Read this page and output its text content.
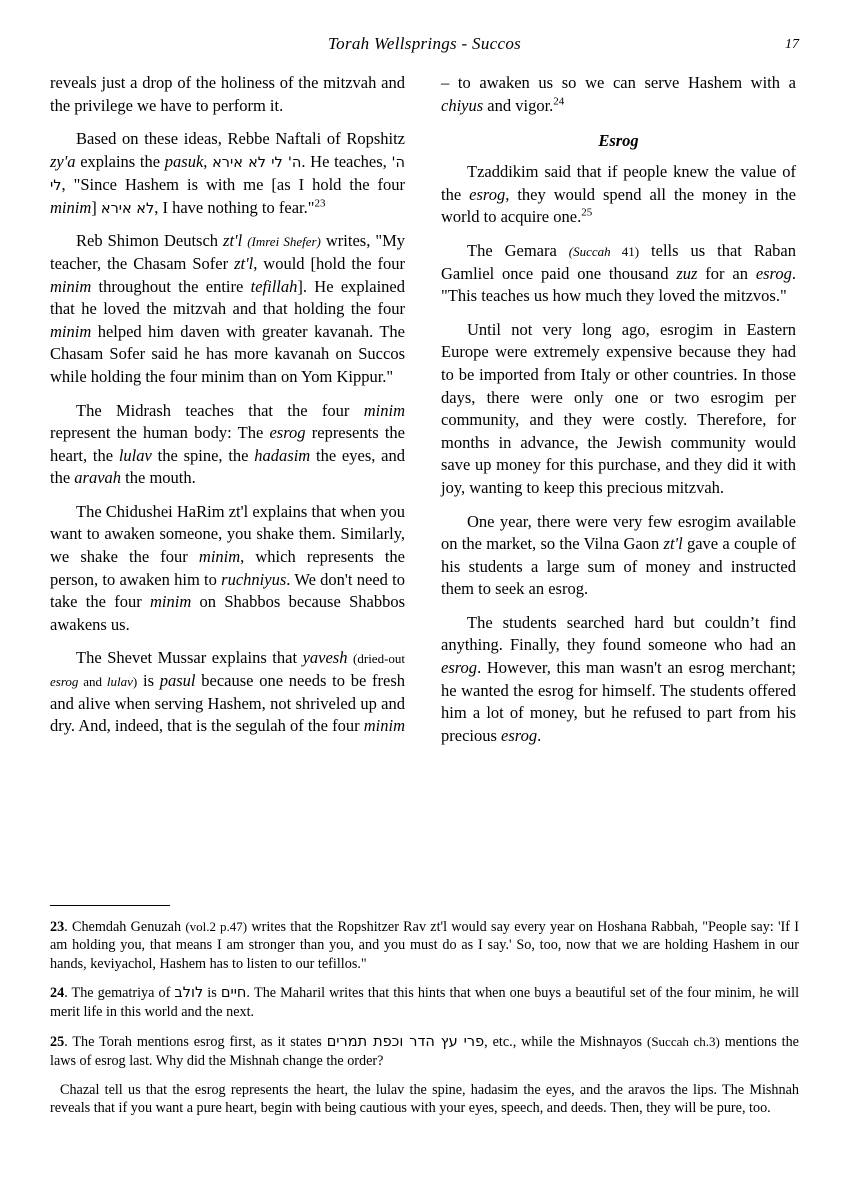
Torah Wellsprings - Succos	17

reveals just a drop of the holiness of the mitzvah and the privilege we have to perform it.

Based on these ideas, Rebbe Naftali of Ropshitz zy'a explains the pasuk, ה' לי לא אירא. He teaches, ה' לי, "Since Hashem is with me [as I hold the four minim] לא אירא, I have nothing to fear."$^{23}$

Reb Shimon Deutsch zt'l (Imrei Shefer) writes, "My teacher, the Chasam Sofer zt'l, would [hold the four minim throughout the entire tefillah]. He explained that he loved the mitzvah and that holding the four minim helped him daven with greater kavanah. The Chasam Sofer said he has more kavanah on Succos while holding the four minim than on Yom Kippur."

The Midrash teaches that the four minim represent the human body: The esrog represents the heart, the lulav the spine, the hadasim the eyes, and the aravah the mouth.

The Chidushei HaRim zt'l explains that when you want to awaken someone, you shake them. Similarly, we shake the four minim, which represents the person, to awaken him to ruchniyus. We don't need to take the four minim on Shabbos because Shabbos awakens us.

The Shevet Mussar explains that yavesh (dried-out esrog and lulav) is pasul because one needs to be fresh and alive when serving Hashem, not shriveled up and dry. And, indeed, that is the segulah of the four minim

– to awaken us so we can serve Hashem with a chiyus and vigor.$^{24}$

Esrog

Tzaddikim said that if people knew the value of the esrog, they would spend all the money in the world to acquire one.$^{25}$

The Gemara (Succah 41) tells us that Raban Gamliel once paid one thousand zuz for an esrog. "This teaches us how much they loved the mitzvos."

Until not very long ago, esrogim in Eastern Europe were extremely expensive because they had to be imported from Italy or other countries. In those days, there were only one or two esrogim per community, and they were costly. Therefore, for months in advance, the Jewish community would save up money for this purchase, and they did it with joy, wanting to keep this precious mitzvah.

One year, there were very few esrogim available on the market, so the Vilna Gaon zt'l gave a couple of his students a large sum of money and instructed them to seek an esrog.

The students searched hard but couldn’t find anything. Finally, they found someone who had an esrog. However, this man wasn't an esrog merchant; he wanted the esrog for himself. The students offered him a lot of money, but he refused to part from his precious esrog.

23. Chemdah Genuzah (vol.2 p.47) writes that the Ropshitzer Rav zt'l would say every year on Hoshana Rabbah, "People say: 'If I am holding you, that means I am stronger than you, and you must do as I say.' So, too, now that we are holding Hashem in our hands, keviyachol, Hashem has to listen to our tefillos."

24. The gematriya of לולב is חיים. The Maharil writes that this hints that when one buys a beautiful set of the four minim, he will merit life in this world and the next.

25. The Torah mentions esrog first, as it states פרי עץ הדר וכפת תמרים, etc., while the Mishnayos (Succah ch.3) mentions the laws of esrog last. Why did the Mishnah change the order?

Chazal tell us that the esrog represents the heart, the lulav the spine, hadasim the eyes, and the aravos the lips. The Mishnah reveals that if you want a pure heart, begin with being cautious with your eyes, speech, and deeds. Then, they will be pure, too.
